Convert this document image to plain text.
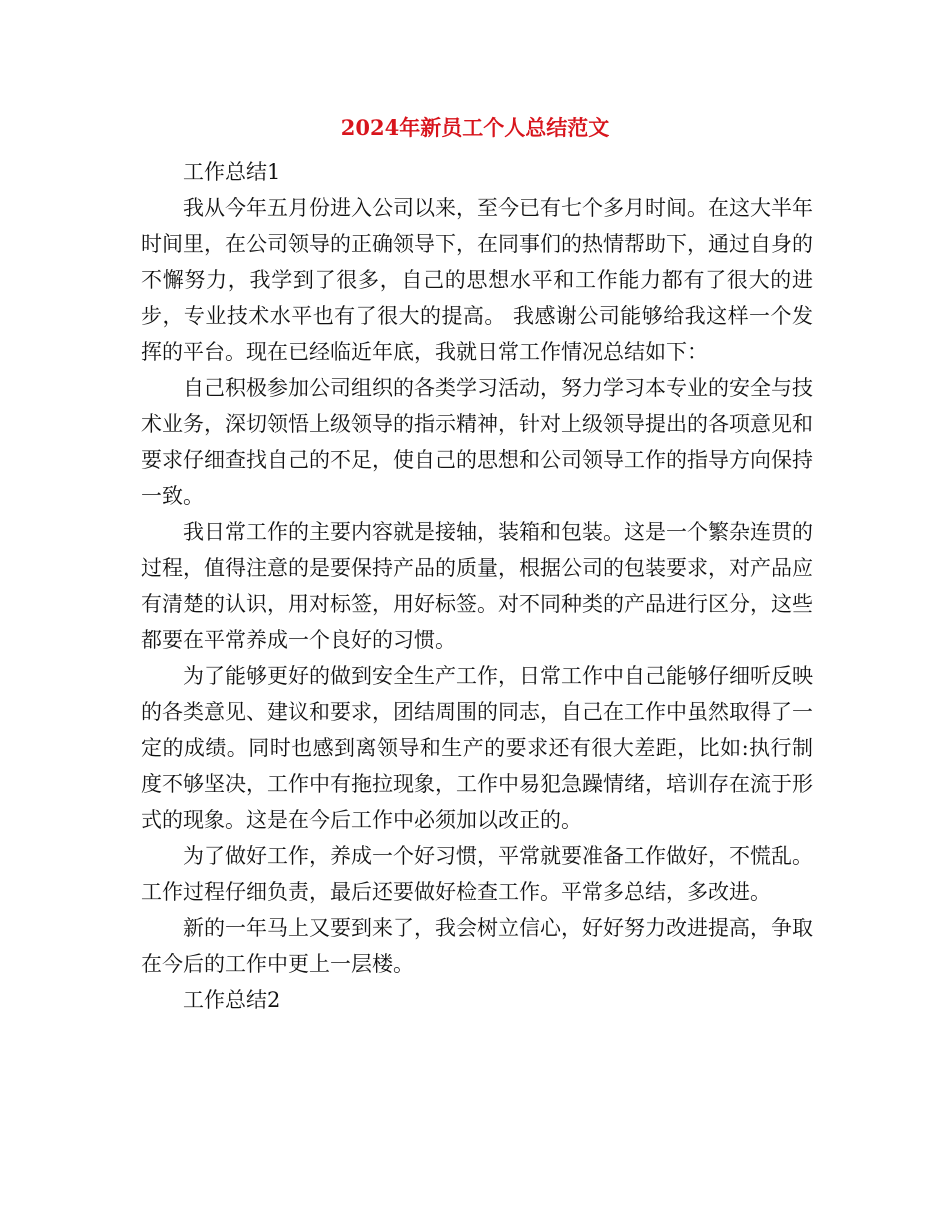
2024年新员工个人总结范文

工作总结1

我从今年五月份进入公司以来，至今已有七个多月时间。在这大半年时间里，在公司领导的正确领导下，在同事们的热情帮助下，通过自身的不懈努力，我学到了很多，自己的思想水平和工作能力都有了很大的进步，专业技术水平也有了很大的提高。 我感谢公司能够给我这样一个发挥的平台。现在已经临近年底，我就日常工作情况总结如下：

自己积极参加公司组织的各类学习活动，努力学习本专业的安全与技术业务，深切领悟上级领导的指示精神，针对上级领导提出的各项意见和要求仔细查找自己的不足，使自己的思想和公司领导工作的指导方向保持一致。

我日常工作的主要内容就是接轴，装箱和包装。这是一个繁杂连贯的过程，值得注意的是要保持产品的质量，根据公司的包装要求，对产品应有清楚的认识，用对标签，用好标签。对不同种类的产品进行区分，这些都要在平常养成一个良好的习惯。

为了能够更好的做到安全生产工作，日常工作中自己能够仔细听反映的各类意见、建议和要求，团结周围的同志，自己在工作中虽然取得了一定的成绩。同时也感到离领导和生产的要求还有很大差距，比如:执行制度不够坚决，工作中有拖拉现象，工作中易犯急躁情绪，培训存在流于形式的现象。这是在今后工作中必须加以改正的。

为了做好工作，养成一个好习惯，平常就要准备工作做好，不慌乱。工作过程仔细负责，最后还要做好检查工作。平常多总结，多改进。

新的一年马上又要到来了，我会树立信心，好好努力改进提高，争取在今后的工作中更上一层楼。

工作总结2
